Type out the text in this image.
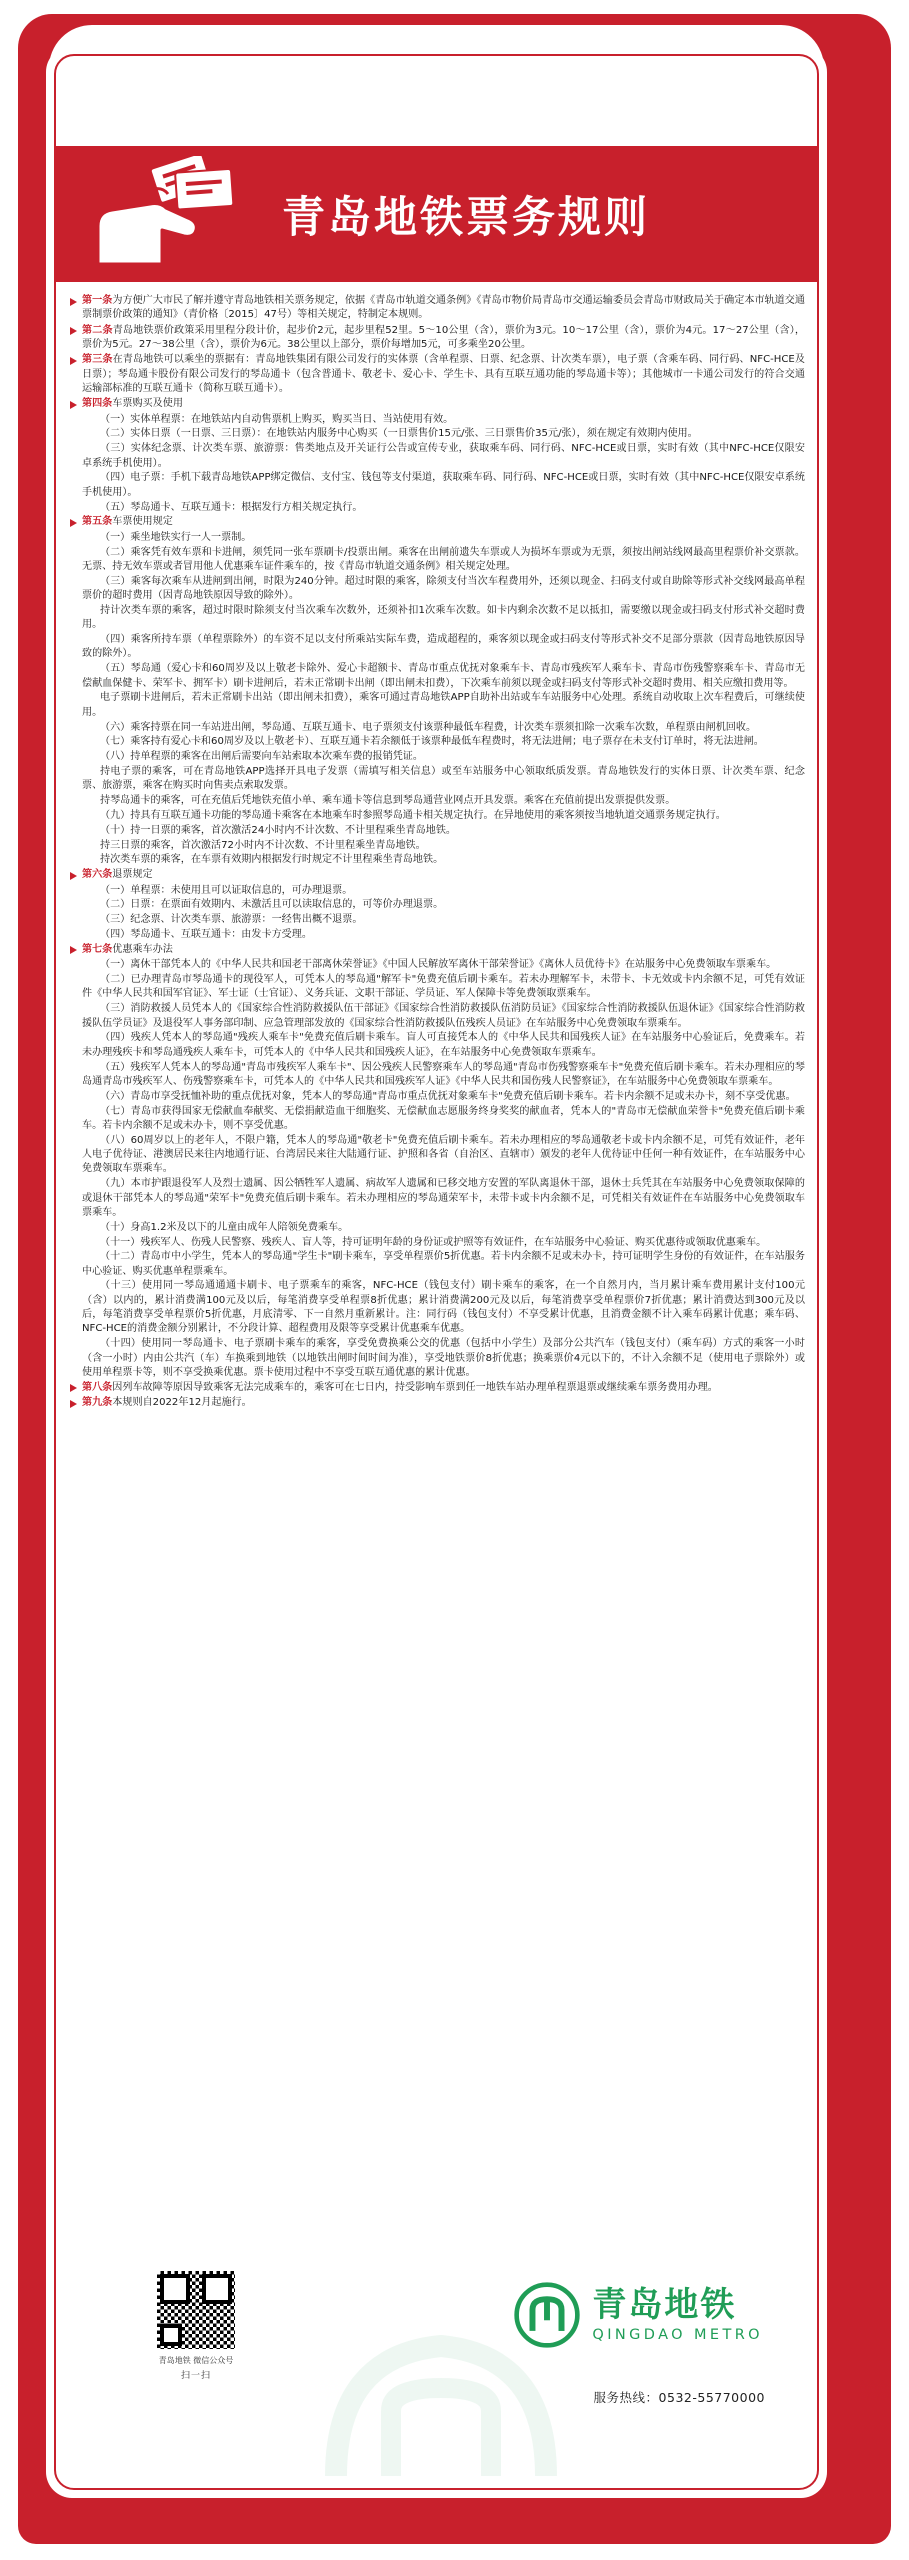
青岛地铁票务规则
第一条为方便广大市民了解并遵守青岛地铁相关票务规定，依据《青岛市轨道交通条例》《青岛市物价局青岛市交通运输委员会青岛市财政局关于确定本市轨道交通票制票价政策的通知》（青价格〔2015〕47号）等相关规定，特制定本规则。
第二条青岛地铁票价政策采用里程分段计价，起步价2元，起步里程52里。5～10公里（含），票价为3元。10～17公里（含），票价为4元。17～27公里（含），票价为5元。27～38公里（含），票价为6元。38公里以上部分，票价每增加5元，可多乘坐20公里。
第三条在青岛地铁可以乘坐的票据有：青岛地铁集团有限公司发行的实体票（含单程票、日票、纪念票、计次类车票），电子票（含乘车码、同行码、NFC-HCE及日票）；琴岛通卡股份有限公司发行的琴岛通卡（包含普通卡、敬老卡、爱心卡、学生卡、具有互联互通功能的琴岛通卡等）；其他城市一卡通公司发行的符合交通运输部标准的互联互通卡（简称互联互通卡）。
第四条车票购买及使用
（一）实体单程票：在地铁站内自动售票机上购买，购买当日、当站使用有效。
（二）实体日票（一日票、三日票）：在地铁站内服务中心购买（一日票售价15元/张、三日票售价35元/张），须在规定有效期内使用。
（三）实体纪念票、计次类车票、旅游票：售类地点及开关证行公告或宣传专业，获取乘车码、同行码、NFC-HCE或日票，实时有效（其中NFC-HCE仅限安卓系统手机使用）。
（四）电子票：手机下载青岛地铁APP绑定微信、支付宝、钱包等支付渠道，获取乘车码、同行码、NFC-HCE或日票，实时有效（其中NFC-HCE仅限安卓系统手机使用）。
（五）琴岛通卡、互联互通卡：根据发行方相关规定执行。
第五条车票使用规定
（一）乘坐地铁实行一人一票制。
（二）乘客凭有效车票和卡进闸，须凭同一张车票刷卡/投票出闸。乘客在出闸前遗失车票或人为损坏车票或为无票，须按出闸站线网最高里程票价补交票款。无票、持无效车票或者冒用他人优惠乘车证件乘车的，按《青岛市轨道交通条例》相关规定处理。
（三）乘客每次乘车从进闸到出闸，时限为240分钟。超过时限的乘客，除须支付当次车程费用外，还须以现金、扫码支付或自助除等形式补交线网最高单程票价的超时费用（因青岛地铁原因导致的除外）。
持计次类车票的乘客，超过时限时除须支付当次乘车次数外，还须补扣1次乘车次数。如卡内剩余次数不足以抵扣，需要缴以现金或扫码支付形式补交超时费用。
（四）乘客所持车票（单程票除外）的车资不足以支付所乘站实际车费，造成超程的，乘客须以现金或扫码支付等形式补交不足部分票款（因青岛地铁原因导致的除外）。
（五）琴岛通（爱心卡和60周岁及以上敬老卡除外、爱心卡超额卡、青岛市重点优抚对象乘车卡、青岛市残疾军人乘车卡、青岛市伤残警察乘车卡、青岛市无偿献血保健卡、荣军卡、拥军卡）刷卡进闸后，若未正常刷卡出闸（即出闸未扣费），下次乘车前须以现金或扫码支付等形式补交超时费用、相关应缴扣费用等。
电子票刷卡进闸后，若未正常刷卡出站（即出闸未扣费），乘客可通过青岛地铁APP自助补出站或车车站服务中心处理。系统自动收取上次车程费后，可继续使用。
（六）乘客持票在同一车站进出闸，琴岛通、互联互通卡、电子票须支付该票种最低车程费，计次类车票须扣除一次乘车次数，单程票由闸机回收。
（七）乘客持有爱心卡和60周岁及以上敬老卡）、互联互通卡若余额低于该票种最低车程费时，将无法进闸；电子票存在未支付订单时，将无法进闸。
（八）持单程票的乘客在出闸后需要向车站索取本次乘车费的报销凭证。
持电子票的乘客，可在青岛地铁APP选择开具电子发票（需填写相关信息）或至车站服务中心领取纸质发票。青岛地铁发行的实体日票、计次类车票、纪念票、旅游票，乘客在购买时向售卖点索取发票。
持琴岛通卡的乘客，可在充值后凭地铁充值小单、乘车通卡等信息到琴岛通营业网点开具发票。乘客在充值前提出发票提供发票。
（九）持具有互联互通卡功能的琴岛通卡乘客在本地乘车时参照琴岛通卡相关规定执行。在异地使用的乘客须按当地轨道交通票务规定执行。
（十）持一日票的乘客，首次激活24小时内不计次数、不计里程乘坐青岛地铁。
持三日票的乘客，首次激活72小时内不计次数、不计里程乘坐青岛地铁。
持次类车票的乘客，在车票有效期内根据发行时规定不计里程乘坐青岛地铁。
第六条退票规定
（一）单程票：未使用且可以证取信息的，可办理退票。
（二）日票：在票面有效期内、未激活且可以读取信息的，可等价办理退票。
（三）纪念票、计次类车票、旅游票：一经售出概不退票。
（四）琴岛通卡、互联互通卡：由发卡方受理。
第七条优惠乘车办法
（一）离休干部凭本人的《中华人民共和国老干部离休荣誉证》《中国人民解放军离休干部荣誉证》《离休人员优待卡》在站服务中心免费领取车票乘车。
（二）已办理青岛市琴岛通卡的现役军人，可凭本人的琴岛通"解军卡"免费充值后刷卡乘车。若未办理解军卡，未带卡、卡无效或卡内余额不足，可凭有效证件《中华人民共和国军官证》、军士证（士官证）、义务兵证、文职干部证、学员证、军人保障卡等免费领取票乘车。
（三）消防救援人员凭本人的《国家综合性消防救援队伍干部证》《国家综合性消防救援队伍消防员证》《国家综合性消防救援队伍退休证》《国家综合性消防救援队伍学员证》及退役军人事务部印制、应急管理部发放的《国家综合性消防救援队伍残疾人员证》在车站服务中心免费领取车票乘车。
（四）残疾人凭本人的琴岛通"残疾人乘车卡"免费充值后刷卡乘车。盲人可直接凭本人的《中华人民共和国残疾人证》在车站服务中心验证后，免费乘车。若未办理残疾卡和琴岛通残疾人乘车卡，可凭本人的《中华人民共和国残疾人证》，在车站服务中心免费领取车票乘车。
（五）残疾军人凭本人的琴岛通"青岛市残疾军人乘车卡"、因公残疾人民警察乘车人的琴岛通"青岛市伤残警察乘车卡"免费充值后刷卡乘车。若未办理相应的琴岛通青岛市残疾军人、伤残警察乘车卡，可凭本人的《中华人民共和国残疾军人证》《中华人民共和国伤残人民警察证》，在车站服务中心免费领取车票乘车。
（六）青岛市享受抚恤补助的重点优抚对象，凭本人的琴岛通"青岛市重点优抚对象乘车卡"免费充值后刷卡乘车。若卡内余额不足或未办卡，刻不享受优惠。
（七）青岛市获得国家无偿献血奉献奖、无偿捐献造血干细胞奖、无偿献血志愿服务终身奖奖的献血者，凭本人的"青岛市无偿献血荣誉卡"免费充值后刷卡乘车。若卡内余额不足或未办卡，则不享受优惠。
（八）60周岁以上的老年人，不限户籍，凭本人的琴岛通"敬老卡"免费充值后刷卡乘车。若未办理相应的琴岛通敬老卡或卡内余额不足，可凭有效证件，老年人电子优待证、港澳居民来往内地通行证、台湾居民来往大陆通行证、护照和各省（自治区、直辖市）颁发的老年人优待证中任何一种有效证件，在车站服务中心免费领取车票乘车。
（九）本市护跟退役军人及烈士遗属、因公牺牲军人遗属、病故军人遗属和已移交地方安置的军队离退休干部，退休士兵凭其在车站服务中心免费领取保障的或退休干部凭本人的琴岛通"荣军卡"免费充值后刷卡乘车。若未办理相应的琴岛通荣军卡，未带卡或卡内余额不足，可凭相关有效证件在车站服务中心免费领取车票乘车。
（十）身高1.2米及以下的儿童由成年人陪领免费乘车。
（十一）残疾军人、伤残人民警察、残疾人、盲人等，持可证明年龄的身份证或护照等有效证件，在车站服务中心验证、购买优惠待或领取优惠乘车。
（十二）青岛市中小学生，凭本人的琴岛通"学生卡"刷卡乘车，享受单程票价5折优惠。若卡内余额不足或未办卡，持可证明学生身份的有效证件，在车站服务中心验证、购买优惠单程票乘车。
（十三）使用同一琴岛通通通卡刷卡、电子票乘车的乘客，NFC-HCE（钱包支付）刷卡乘车的乘客，在一个自然月内，当月累计乘车费用累计支付100元（含）以内的，累计消费满100元及以后，每笔消费享受单程票8折优惠；累计消费满200元及以后，每笔消费享受单程票价7折优惠；累计消费达到300元及以后，每笔消费享受单程票价5折优惠，月底清零、下一自然月重新累计。注：同行码（钱包支付）不享受累计优惠，且消费金额不计入乘车码累计优惠；乘车码、NFC-HCE的消费金额分别累计，不分段计算、超程费用及限等享受累计优惠乘车优惠。
（十四）使用同一琴岛通卡、电子票刷卡乘车的乘客，享受免费换乘公交的优惠（包括中小学生）及部分公共汽车（钱包支付）（乘车码）方式的乘客一小时（含一小时）内由公共汽（车）车换乘到地铁（以地铁出闸时间时间为准），享受地铁票价8折优惠；换乘票价4元以下的，不计入余额不足（使用电子票除外）或使用单程票卡等，则不享受换乘优惠。票卡使用过程中不享受互联互通优惠的累计优惠。
第八条因列车故障等原因导致乘客无法完成乘车的，乘客可在七日内，持受影响车票到任一地铁车站办理单程票退票或继续乘车票务费用办理。
第九条本规则自2022年12月起施行。
青岛地铁 微信公众号
扫一扫
青岛地铁
QINGDAO METRO
服务热线：0532-55770000
